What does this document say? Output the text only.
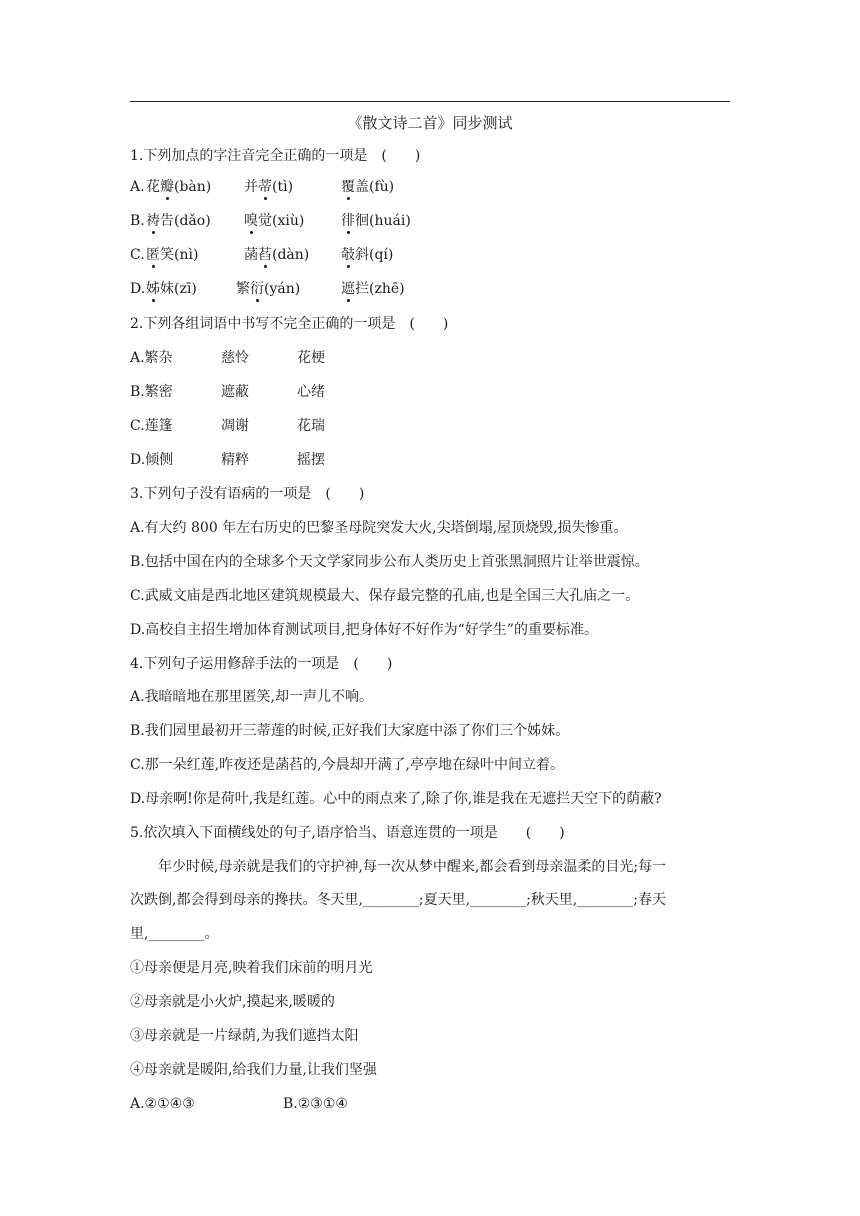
《散文诗二首》同步测试
1.下列加点的字注音完全正确的一项是　(　　)
A. 花瓣(bàn) 并蒂(tì)	覆盖(fù)
B. 祷告(dǎo) 嗅觉(xiù)	徘徊(huái)
C. 匿笑(nì)	菡萏(dàn) 攲斜(qí)
D. 姊妹(zī)	繁衍(yán)	遮拦(zhē)
2.下列各组词语中书写不完全正确的一项是　(　　)
A.繁杂	慈怜	花梗
B.繁密	遮蔽	心绪
C.莲篷	凋谢	花瑞
D.倾侧	精粹	摇摆
3.下列句子没有语病的一项是　(　　)
A.有大约 800 年左右历史的巴黎圣母院突发大火,尖塔倒塌,屋顶烧毁,损失惨重。
B.包括中国在内的全球多个天文学家同步公布人类历史上首张黑洞照片让举世震惊。
C.武威文庙是西北地区建筑规模最大、保存最完整的孔庙,也是全国三大孔庙之一。
D.高校自主招生增加体育测试项目,把身体好不好作为“好学生”的重要标准。
4.下列句子运用修辞手法的一项是　(　　)
A.我暗暗地在那里匿笑,却一声儿不响。
B.我们园里最初开三蒂莲的时候,正好我们大家庭中添了你们三个姊妹。
C.那一朵红莲,昨夜还是菡萏的,今晨却开满了,亭亭地在绿叶中间立着。
D.母亲啊!你是荷叶,我是红莲。心中的雨点来了,除了你,谁是我在无遮拦天空下的荫蔽?
5.依次填入下面横线处的句子,语序恰当、语意连贯的一项是　　(　　)
　　年少时候,母亲就是我们的守护神,每一次从梦中醒来,都会看到母亲温柔的目光;每一
次跌倒,都会得到母亲的搀扶。冬天里,________;夏天里,________;秋天里,________;春天
里,________。
①母亲便是月亮,映着我们床前的明月光
②母亲就是小火炉,摸起来,暖暖的
③母亲就是一片绿荫,为我们遮挡太阳
④母亲就是暖阳,给我们力量,让我们坚强
A.②①④③	B.②③①④
